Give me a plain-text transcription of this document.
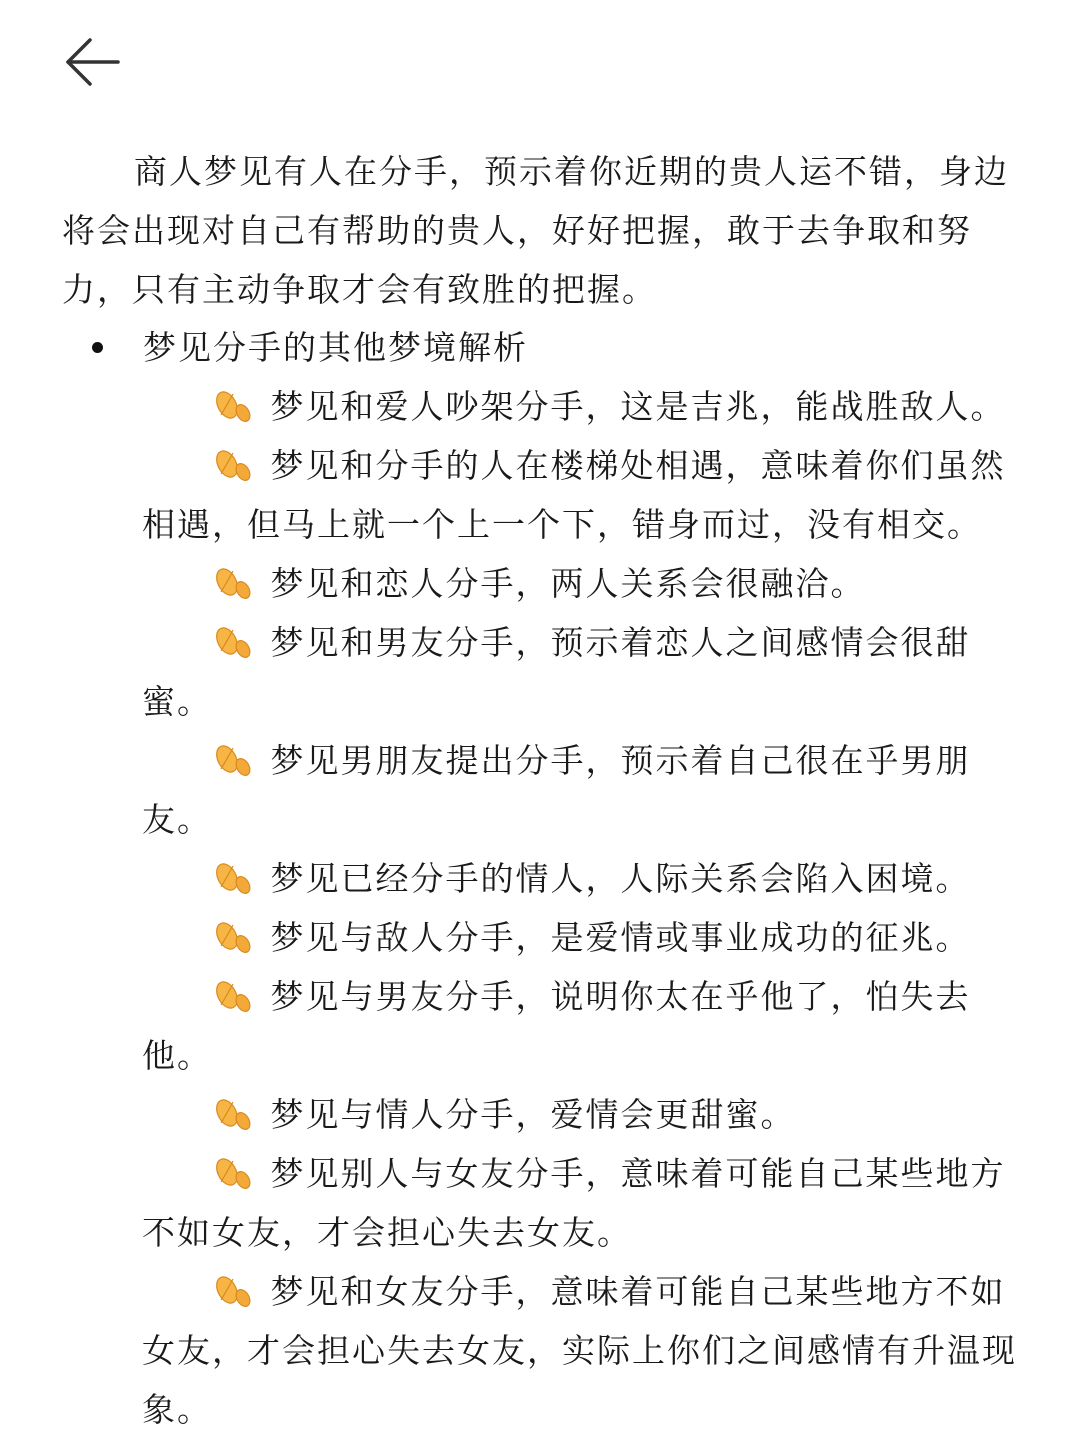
商人梦见有人在分手，预示着你近期的贵人运不错，身边将会出现对自己有帮助的贵人，好好把握，敢于去争取和努力，只有主动争取才会有致胜的把握。

梦见分手的其他梦境解析
梦见和爱人吵架分手，这是吉兆，能战胜敌人。
梦见和分手的人在楼梯处相遇，意味着你们虽然相遇，但马上就一个上一个下，错身而过，没有相交。
梦见和恋人分手，两人关系会很融洽。
梦见和男友分手，预示着恋人之间感情会很甜蜜。
梦见男朋友提出分手，预示着自己很在乎男朋友。
梦见已经分手的情人，人际关系会陷入困境。
梦见与敌人分手，是爱情或事业成功的征兆。
梦见与男友分手，说明你太在乎他了，怕失去他。
梦见与情人分手，爱情会更甜蜜。
梦见别人与女友分手，意味着可能自己某些地方不如女友，才会担心失去女友。
梦见和女友分手，意味着可能自己某些地方不如女友，才会担心失去女友，实际上你们之间感情有升温现象。
